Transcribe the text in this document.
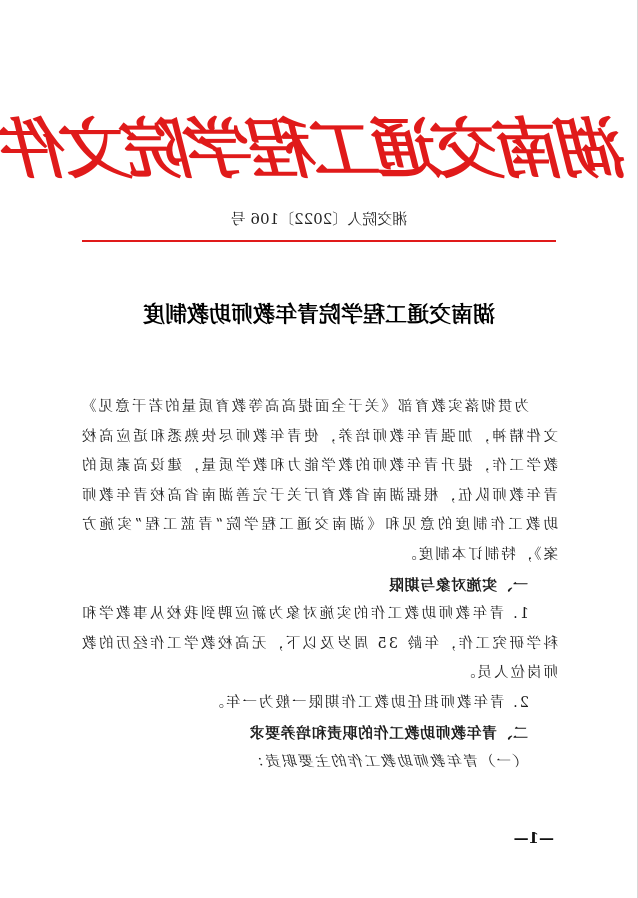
湖南交通工程学院文件
湘交院人〔2022〕106 号
湖南交通工程学院青年教师助教制度

为贯彻落实教育部《关于全面提高高等教育质量的若干意见》文件精神，加强青年教师培养，使青年教师尽快熟悉和适应高校教学工作，提升青年教师的教学能力和教学质量，建设高素质的青年教师队伍，根据湖南省教育厅关于完善湖南省高校青年教师助教工作制度的意见和《湖南交通工程学院“青蓝工程”实施方案》，特制订本制度。

一、实施对象与期限

1. 青年教师助教工作的实施对象为新应聘到我校从事教学和科学研究工作，年龄 35 周岁及以下，无高校教学工作经历的教师岗位人员。

2. 青年教师担任助教工作期限一般为一年。

二、青年教师助教工作的职责和培养要求

（一）青年教师助教工作的主要职责：

—1—
